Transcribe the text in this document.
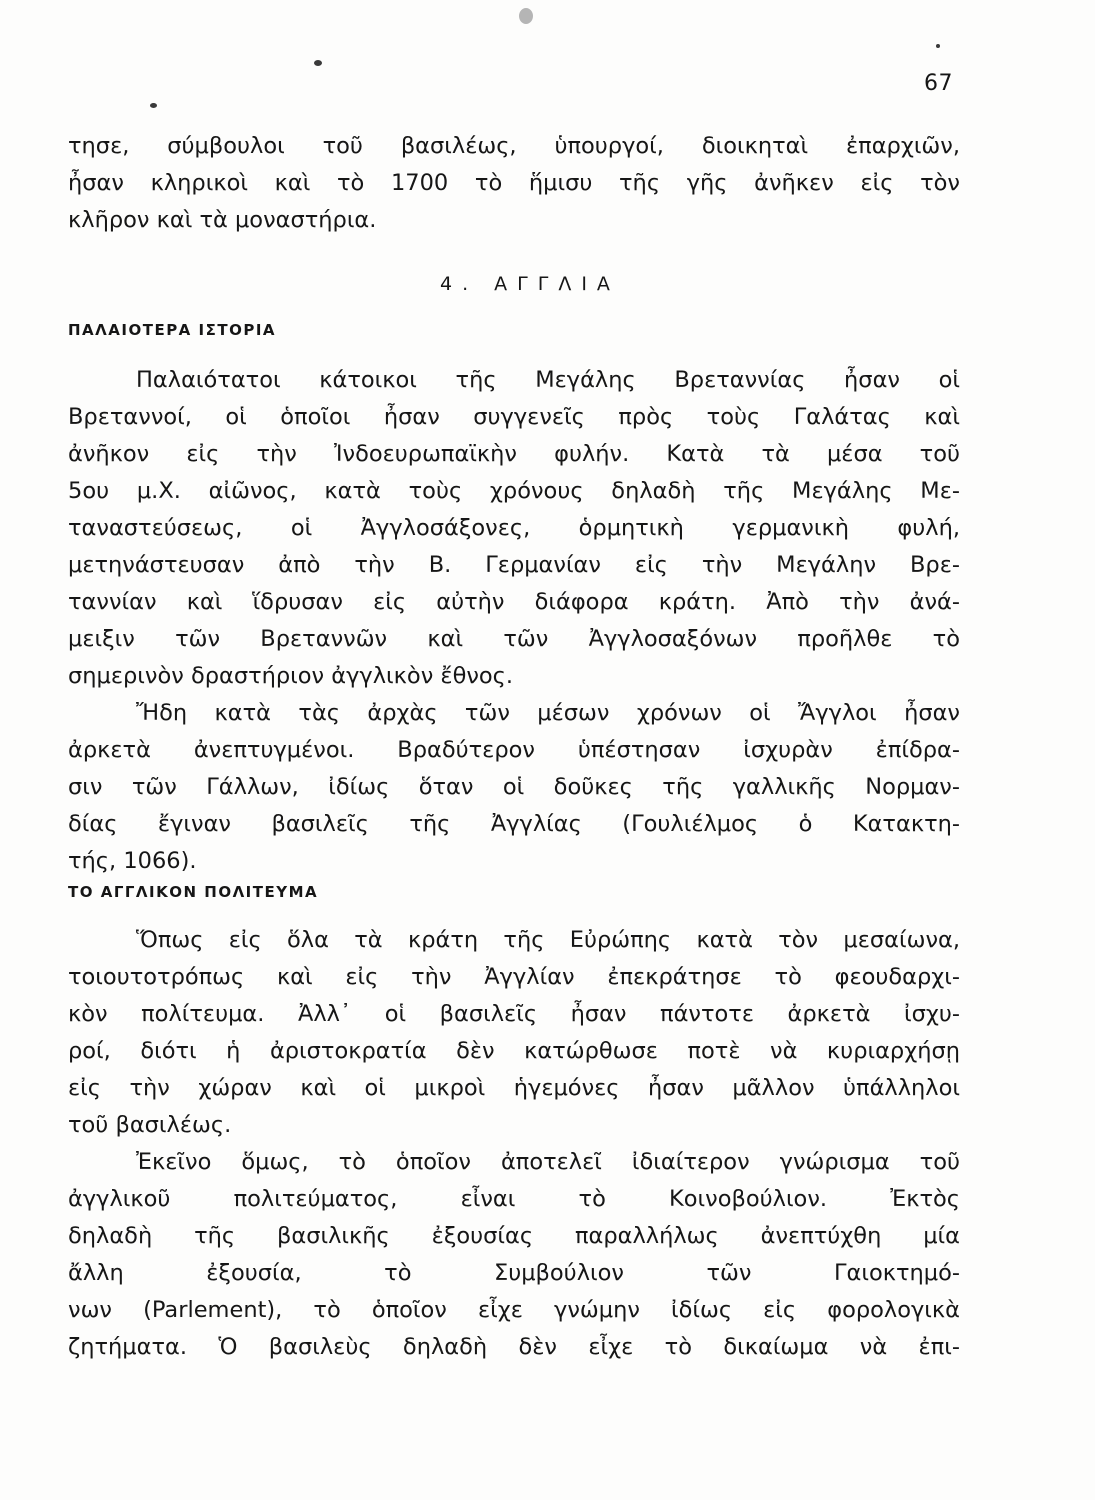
67
τησε, σύμβουλοι τοῦ βασιλέως, ὑπουργοί, διοικηταὶ ἐπαρχιῶν,
ἦσαν κληρικοὶ καὶ τὸ 1700 τὸ ἥμισυ τῆς γῆς ἀνῆκεν εἰς τὸν
κλῆρον καὶ τὰ μοναστήρια.
4. ΑΓΓΛΙΑ
ΠΑΛΑΙΟΤΕΡΑ ΙΣΤΟΡΙΑ
Παλαιότατοι κάτοικοι τῆς Μεγάλης Βρεταννίας ἦσαν οἱ
Βρεταννοί, οἱ ὁποῖοι ἦσαν συγγενεῖς πρὸς τοὺς Γαλάτας καὶ
ἀνῆκον εἰς τὴν Ἰνδοευρωπαϊκὴν φυλήν. Κατὰ τὰ μέσα τοῦ
5ου μ.Χ. αἰῶνος, κατὰ τοὺς χρόνους δηλαδὴ τῆς Μεγάλης Με-
ταναστεύσεως, οἱ Ἀγγλοσάξονες, ὁρμητικὴ γερμανικὴ φυλή,
μετηνάστευσαν ἀπὸ τὴν Β. Γερμανίαν εἰς τὴν Μεγάλην Βρε-
ταννίαν καὶ ἵδρυσαν εἰς αὐτὴν διάφορα κράτη. Ἀπὸ τὴν ἀνά-
μειξιν τῶν Βρεταννῶν καὶ τῶν Ἀγγλοσαξόνων προῆλθε τὸ
σημερινὸν δραστήριον ἀγγλικὸν ἔθνος.
Ἤδη κατὰ τὰς ἀρχὰς τῶν μέσων χρόνων οἱ Ἄγγλοι ἦσαν
ἀρκετὰ ἀνεπτυγμένοι. Βραδύτερον ὑπέστησαν ἰσχυρὰν ἐπίδρα-
σιν τῶν Γάλλων, ἰδίως ὅταν οἱ δοῦκες τῆς γαλλικῆς Νορμαν-
δίας ἔγιναν βασιλεῖς τῆς Ἀγγλίας (Γουλιέλμος ὁ Κατακτη-
τής, 1066).
ΤΟ ΑΓΓΛΙΚΟΝ ΠΟΛΙΤΕΥΜΑ
Ὅπως εἰς ὅλα τὰ κράτη τῆς Εὐρώπης κατὰ τὸν μεσαίωνα,
τοιουτοτρόπως καὶ εἰς τὴν Ἀγγλίαν ἐπεκράτησε τὸ φεουδαρχι-
κὸν πολίτευμα. Ἀλλ᾽ οἱ βασιλεῖς ἦσαν πάντοτε ἀρκετὰ ἰσχυ-
ροί, διότι ἡ ἀριστοκρατία δὲν κατώρθωσε ποτὲ νὰ κυριαρχήσῃ
εἰς τὴν χώραν καὶ οἱ μικροὶ ἡγεμόνες ἦσαν μᾶλλον ὑπάλληλοι
τοῦ βασιλέως.
Ἐκεῖνο ὅμως, τὸ ὁποῖον ἀποτελεῖ ἰδιαίτερον γνώρισμα τοῦ
ἀγγλικοῦ πολιτεύματος, εἶναι τὸ Κοινοβούλιον. Ἐκτὸς
δηλαδὴ τῆς βασιλικῆς ἐξουσίας παραλλήλως ἀνεπτύχθη μία
ἄλλη ἐξουσία, τὸ Συμβούλιον τῶν Γαιοκτημό-
νων (Parlement), τὸ ὁποῖον εἶχε γνώμην ἰδίως εἰς φορολογικὰ
ζητήματα. Ὁ βασιλεὺς δηλαδὴ δὲν εἶχε τὸ δικαίωμα νὰ ἐπι-
